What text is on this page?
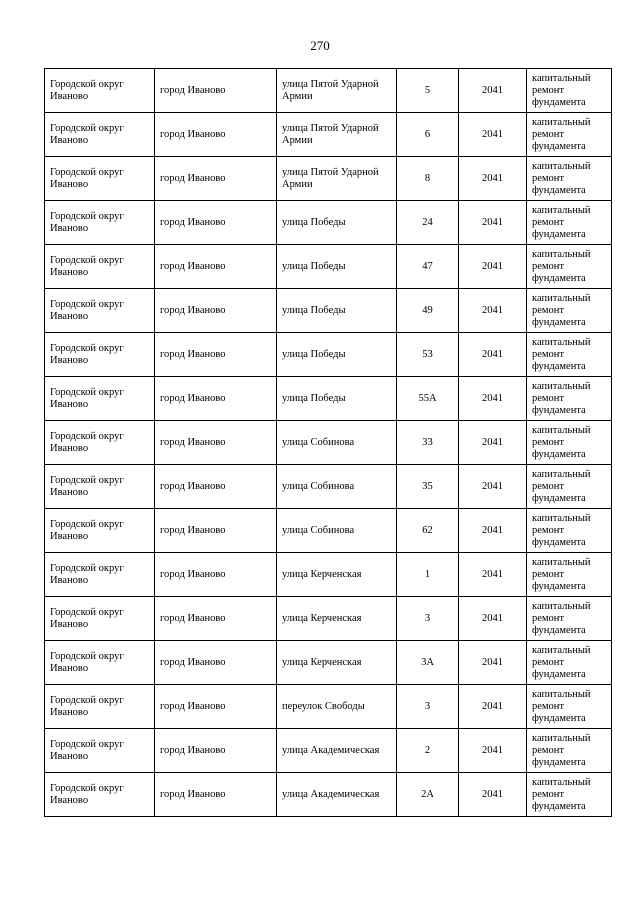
270
Городской округ Иваново	город Иваново	улица Пятой Ударной Армии	5	2041	капитальный ремонт фундамента
Городской округ Иваново	город Иваново	улица Пятой Ударной Армии	6	2041	капитальный ремонт фундамента
Городской округ Иваново	город Иваново	улица Пятой Ударной Армии	8	2041	капитальный ремонт фундамента
Городской округ Иваново	город Иваново	улица Победы	24	2041	капитальный ремонт фундамента
Городской округ Иваново	город Иваново	улица Победы	47	2041	капитальный ремонт фундамента
Городской округ Иваново	город Иваново	улица Победы	49	2041	капитальный ремонт фундамента
Городской округ Иваново	город Иваново	улица Победы	53	2041	капитальный ремонт фундамента
Городской округ Иваново	город Иваново	улица Победы	55А	2041	капитальный ремонт фундамента
Городской округ Иваново	город Иваново	улица Собинова	33	2041	капитальный ремонт фундамента
Городской округ Иваново	город Иваново	улица Собинова	35	2041	капитальный ремонт фундамента
Городской округ Иваново	город Иваново	улица Собинова	62	2041	капитальный ремонт фундамента
Городской округ Иваново	город Иваново	улица Керченская	1	2041	капитальный ремонт фундамента
Городской округ Иваново	город Иваново	улица Керченская	3	2041	капитальный ремонт фундамента
Городской округ Иваново	город Иваново	улица Керченская	3А	2041	капитальный ремонт фундамента
Городской округ Иваново	город Иваново	переулок Свободы	3	2041	капитальный ремонт фундамента
Городской округ Иваново	город Иваново	улица Академическая	2	2041	капитальный ремонт фундамента
Городской округ Иваново	город Иваново	улица Академическая	2А	2041	капитальный ремонт фундамента
